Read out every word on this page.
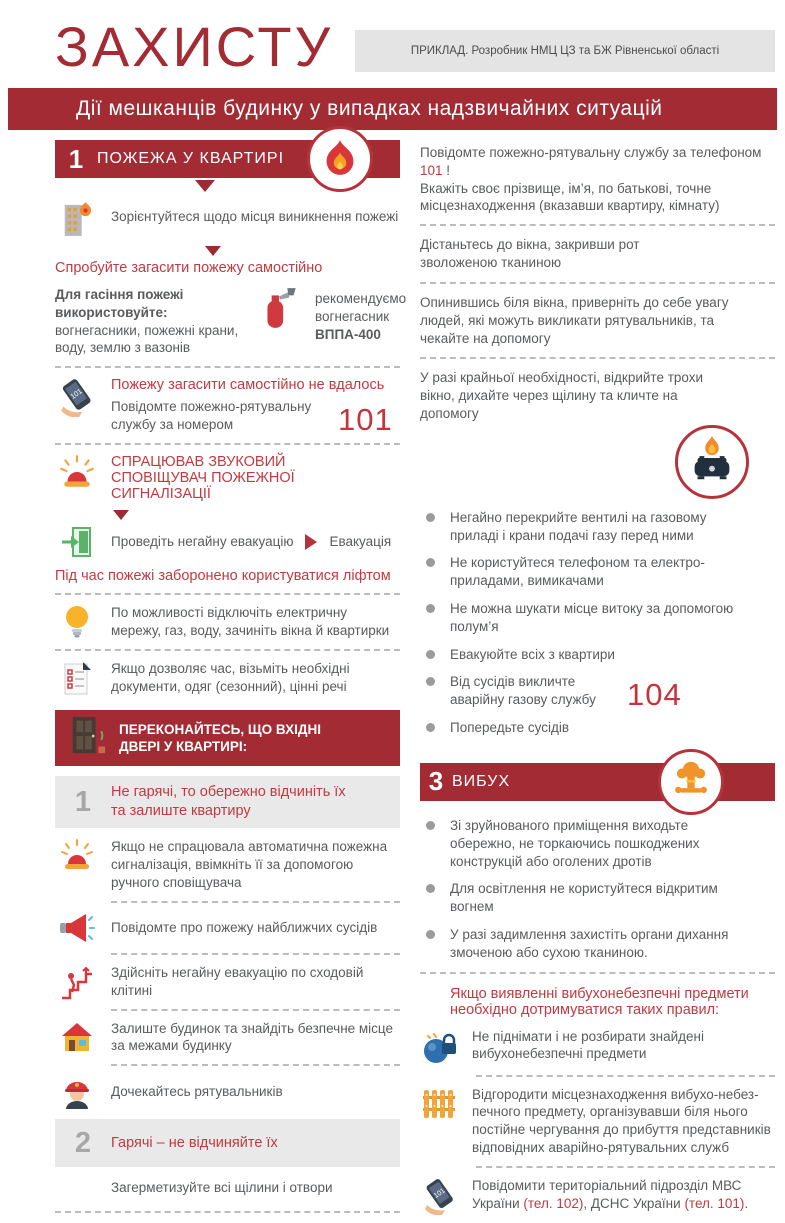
ЗАХИСТУ	ПРИКЛАД. Розробник НМЦ ЦЗ та БЖ Рівненської області
Дії мешканців будинку у випадках надзвичайних ситуацій
1 ПОЖЕЖА У КВАРТИРІ
Зорієнтуйтеся щодо місця виникнення пожежі
Спробуйте загасити пожежу самостійно
Для гасіння пожежі використовуйте:
вогнегасники, пожежні крани, воду, землю з вазонів
рекомендуємо вогнегасник
ВППА-400
101
Пожежу загасити самостійно не вдалось
Повідомте пожежно-рятувальну службу за номером	101
СПРАЦЮВАВ ЗВУКОВИЙ СПОВІЩУВАЧ ПОЖЕЖНОЇ СИГНАЛІЗАЦІЇ
Проведіть негайну евакуацію	Евакуація
Під час пожежі заборонено користуватися ліфтом
По можливості відключіть електричну мережу, газ, воду, зачиніть вікна й квартирки
Якщо дозволяє час, візьміть необхідні документи, одяг (сезонний), цінні речі
ПЕРЕКОНАЙТЕСЬ, ЩО ВХІДНІ ДВЕРІ У КВАРТИРІ:
1	Не гарячі, то обережно відчиніть їх та залиште квартиру
Якщо не спрацювала автоматична пожежна сигналізація, ввімкніть її за допомогою ручного сповіщувача
Повідомте про пожежу найближчих сусідів
Здійсніть негайну евакуацію по сходовій клітині
Залиште будинок та знайдіть безпечне місце за межами будинку
Дочекайтесь рятувальників
2	Гарячі – не відчиняйте їх
Загерметизуйте всі щілини і отвори
Повідомте пожежно-рятувальну службу за телефоном 101 !
Вкажіть своє прізвище, ім’я, по батькові, точне місцезнаходження (вказавши квартиру, кімнату)
Дістаньтесь до вікна, закривши рот зволоженою тканиною
Опинившись біля вікна, приверніть до себе увагу людей, які можуть викликати рятувальників, та чекайте на допомогу
У разі крайньої необхідності, відкрийте трохи вікно, дихайте через щілину та кличте на допомогу
Негайно перекрийте вентилі на газовому приладі і крани подачі газу перед ними
Не користуйтеся телефоном та електро-приладами, вимикачами
Не можна шукати місце витоку за допомогою полум’я
Евакуюйте всіх з квартири
Від сусідів викличте аварійну газову службу	104
Попередьте сусідів
3 ВИБУХ
Зі зруйнованого приміщення виходьте обережно, не торкаючись пошкоджених конструкцій або оголених дротів
Для освітлення не користуйтеся відкритим вогнем
У разі задимлення захистіть органи дихання змоченою або сухою тканиною.
Якщо виявленні вибухонебезпечні предмети необхідно дотримуватися таких правил:
Не піднімати і не розбирати знайдені вибухонебезпечні предмети
Відгородити місцезнаходження вибухо-небез-печного предмету, організувавши біля нього постійне чергування до прибуття представників відповідних аварійно-рятувальних служб
101
Повідомити територіальний підрозділ МВС України (тел. 102), ДСНС України (тел. 101).
